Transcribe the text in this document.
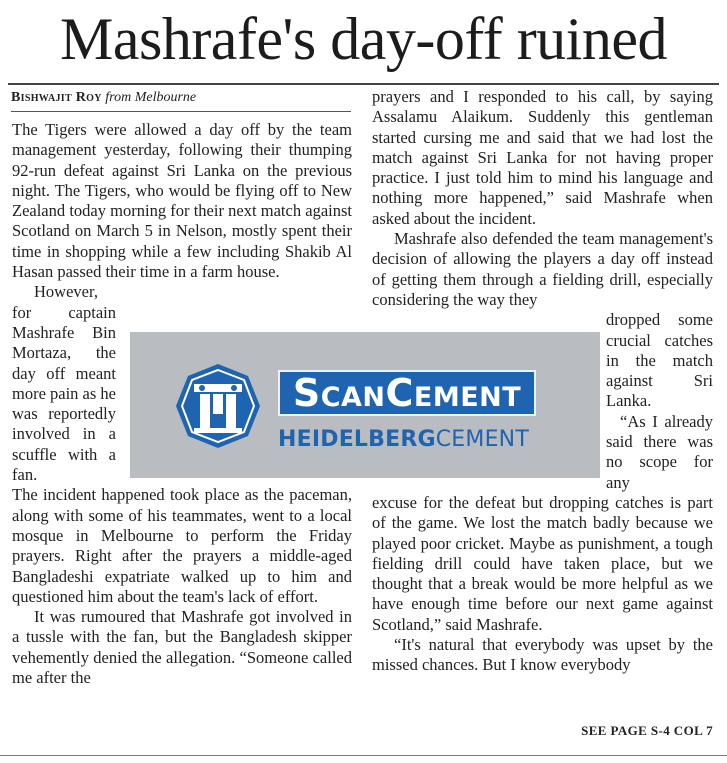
Mashrafe's day-off ruined
Bishwajit Roy from Melbourne

The Tigers were allowed a day off by the team management yesterday, following their thumping 92-run defeat against Sri Lanka on the previous night. The Tigers, who would be flying off to New Zealand today morning for their next match against Scotland on March 5 in Nelson, mostly spent their time in shopping while a few including Shakib Al Hasan passed their time in a farm house.

However, for captain Mashrafe Bin Mortaza, the day off meant more pain as he was reportedly involved in a scuffle with a fan.

The incident happened took place as the paceman, along with some of his teammates, went to a local mosque in Melbourne to perform the Friday prayers. Right after the prayers a middle-aged Bangladeshi expatriate walked up to him and questioned him about the team's lack of effort.

It was rumoured that Mashrafe got involved in a tussle with the fan, but the Bangladesh skipper vehemently denied the allegation. “Someone called me after the

prayers and I responded to his call, by saying Assalamu Alaikum. Suddenly this gentleman started cursing me and said that we had lost the match against Sri Lanka for not having proper practice. I just told him to mind his language and nothing more happened,” said Mashrafe when asked about the incident.

Mashrafe also defended the team management's decision of allowing the players a day off instead of getting them through a fielding drill, especially considering the way they

dropped some crucial catches in the match against Sri Lanka.

“As I already said there was no scope for any

excuse for the defeat but dropping catches is part of the game. We lost the match badly because we played poor cricket. Maybe as punishment, a tough fielding drill could have taken place, but we thought that a break would be more helpful as we have enough time before our next game against Scotland,” said Mashrafe.

“It's natural that everybody was upset by the missed chances. But I know everybody

ScanCement
HEIDELBERGCEMENT
SEE PAGE S-4 COL 7
